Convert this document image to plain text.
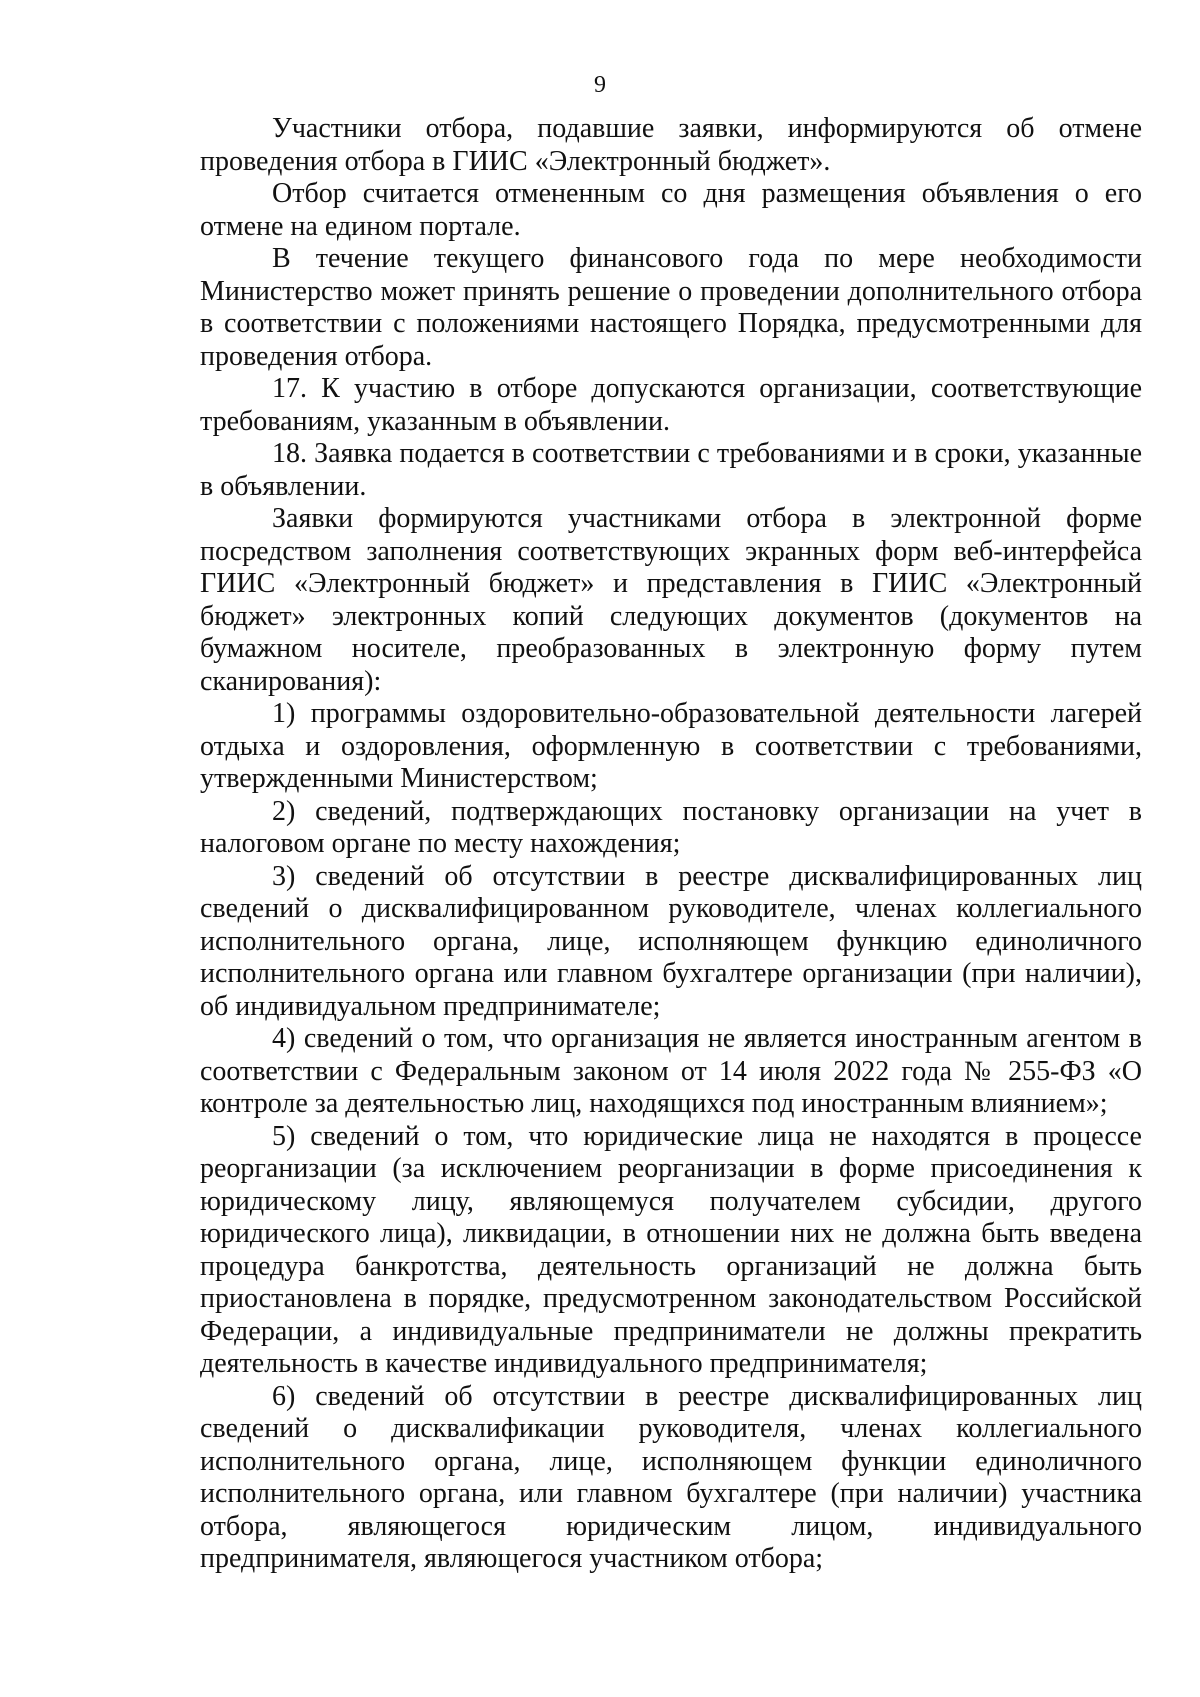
9

Участники отбора, подавшие заявки, информируются об отмене проведения отбора в ГИИС «Электронный бюджет».

Отбор считается отмененным со дня размещения объявления о его отмене на едином портале.

В течение текущего финансового года по мере необходимости Министерство может принять решение о проведении дополнительного отбора в соответствии с положениями настоящего Порядка, предусмотренными для проведения отбора.

17. К участию в отборе допускаются организации, соответствующие требованиям, указанным в объявлении.

18. Заявка подается в соответствии с требованиями и в сроки, указанные в объявлении.

Заявки формируются участниками отбора в электронной форме посредством заполнения соответствующих экранных форм веб-интерфейса ГИИС «Электронный бюджет» и представления в ГИИС «Электронный бюджет» электронных копий следующих документов (документов на бумажном носителе, преобразованных в электронную форму путем сканирования):

1) программы оздоровительно-образовательной деятельности лагерей отдыха и оздоровления, оформленную в соответствии с требованиями, утвержденными Министерством;

2) сведений, подтверждающих постановку организации на учет в налоговом органе по месту нахождения;

3) сведений об отсутствии в реестре дисквалифицированных лиц сведений о дисквалифицированном руководителе, членах коллегиального исполнительного органа, лице, исполняющем функцию единоличного исполнительного органа или главном бухгалтере организации (при наличии), об индивидуальном предпринимателе;

4) сведений о том, что организация не является иностранным агентом в соответствии с Федеральным законом от 14 июля 2022 года № 255-ФЗ «О контроле за деятельностью лиц, находящихся под иностранным влиянием»;

5) сведений о том, что юридические лица не находятся в процессе реорганизации (за исключением реорганизации в форме присоединения к юридическому лицу, являющемуся получателем субсидии, другого юридического лица), ликвидации, в отношении них не должна быть введена процедура банкротства, деятельность организаций не должна быть приостановлена в порядке, предусмотренном законодательством Российской Федерации, а индивидуальные предприниматели не должны прекратить деятельность в качестве индивидуального предпринимателя;

6) сведений об отсутствии в реестре дисквалифицированных лиц сведений о дисквалификации руководителя, членах коллегиального исполнительного органа, лице, исполняющем функции единоличного исполнительного органа, или главном бухгалтере (при наличии) участника отбора, являющегося юридическим лицом, индивидуального предпринимателя, являющегося участником отбора;
